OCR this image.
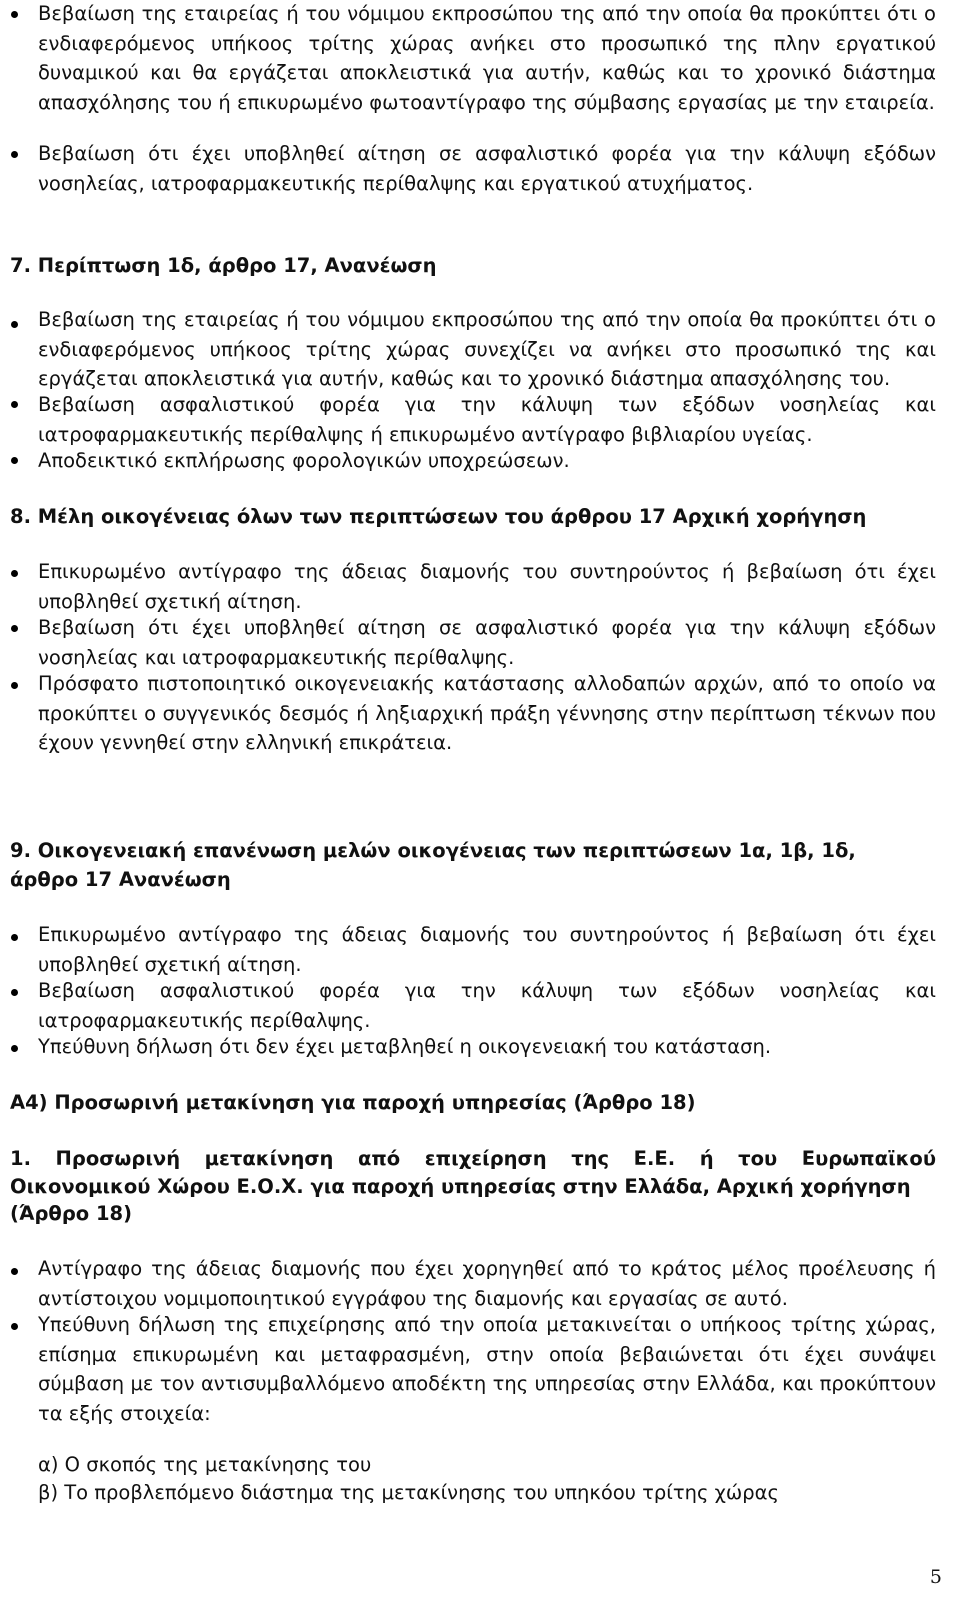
Βεβαίωση της εταιρείας ή του νόμιμου εκπροσώπου της από την οποία θα προκύπτει ότι ο ενδιαφερόμενος υπήκοος τρίτης χώρας ανήκει στο προσωπικό της πλην εργατικού δυναμικού και θα εργάζεται αποκλειστικά για αυτήν, καθώς και το χρονικό διάστημα απασχόλησης του ή επικυρωμένο φωτοαντίγραφο της σύμβασης εργασίας με την εταιρεία.
Βεβαίωση ότι έχει υποβληθεί αίτηση σε ασφαλιστικό φορέα για την κάλυψη εξόδων νοσηλείας, ιατροφαρμακευτικής περίθαλψης και εργατικού ατυχήματος.
7. Περίπτωση 1δ, άρθρο 17, Ανανέωση
Βεβαίωση της εταιρείας ή του νόμιμου εκπροσώπου της από την οποία θα προκύπτει ότι ο ενδιαφερόμενος υπήκοος τρίτης χώρας συνεχίζει να ανήκει στο προσωπικό της και εργάζεται αποκλειστικά για αυτήν, καθώς και το χρονικό διάστημα απασχόλησης του.
Βεβαίωση ασφαλιστικού φορέα για την κάλυψη των εξόδων νοσηλείας και ιατροφαρμακευτικής περίθαλψης ή επικυρωμένο αντίγραφο βιβλιαρίου υγείας.
Αποδεικτικό εκπλήρωσης φορολογικών υποχρεώσεων.
8. Μέλη οικογένειας όλων των περιπτώσεων του άρθρου 17 Αρχική χορήγηση
Επικυρωμένο αντίγραφο της άδειας διαμονής του συντηρούντος ή βεβαίωση ότι έχει υποβληθεί σχετική αίτηση.
Βεβαίωση ότι έχει υποβληθεί αίτηση σε ασφαλιστικό φορέα για την κάλυψη εξόδων νοσηλείας και ιατροφαρμακευτικής περίθαλψης.
Πρόσφατο πιστοποιητικό οικογενειακής κατάστασης αλλοδαπών αρχών, από το οποίο να προκύπτει ο συγγενικός δεσμός ή ληξιαρχική πράξη γέννησης στην περίπτωση τέκνων που έχουν γεννηθεί στην ελληνική επικράτεια.
9. Οικογενειακή επανένωση μελών οικογένειας των περιπτώσεων 1α, 1β, 1δ,
άρθρο 17 Ανανέωση
Επικυρωμένο αντίγραφο της άδειας διαμονής του συντηρούντος ή βεβαίωση ότι έχει υποβληθεί σχετική αίτηση.
Βεβαίωση ασφαλιστικού φορέα για την κάλυψη των εξόδων νοσηλείας και ιατροφαρμακευτικής περίθαλψης.
Υπεύθυνη δήλωση ότι δεν έχει μεταβληθεί η οικογενειακή του κατάσταση.
Α4) Προσωρινή μετακίνηση για παροχή υπηρεσίας (Άρθρο 18)
1. Προσωρινή μετακίνηση από επιχείρηση της Ε.Ε. ή του Ευρωπαϊκού
Οικονομικού Χώρου Ε.Ο.Χ. για παροχή υπηρεσίας στην Ελλάδα, Αρχική χορήγηση
(Άρθρο 18)
Αντίγραφο της άδειας διαμονής που έχει χορηγηθεί από το κράτος μέλος προέλευσης ή αντίστοιχου νομιμοποιητικού εγγράφου της διαμονής και εργασίας σε αυτό.
Υπεύθυνη δήλωση της επιχείρησης από την οποία μετακινείται ο υπήκοος τρίτης χώρας, επίσημα επικυρωμένη και μεταφρασμένη, στην οποία βεβαιώνεται ότι έχει συνάψει σύμβαση με τον αντισυμβαλλόμενο αποδέκτη της υπηρεσίας στην Ελλάδα, και προκύπτουν τα εξής στοιχεία:
α) Ο σκοπός της μετακίνησης του
β) Το προβλεπόμενο διάστημα της μετακίνησης του υπηκόου τρίτης χώρας
5
